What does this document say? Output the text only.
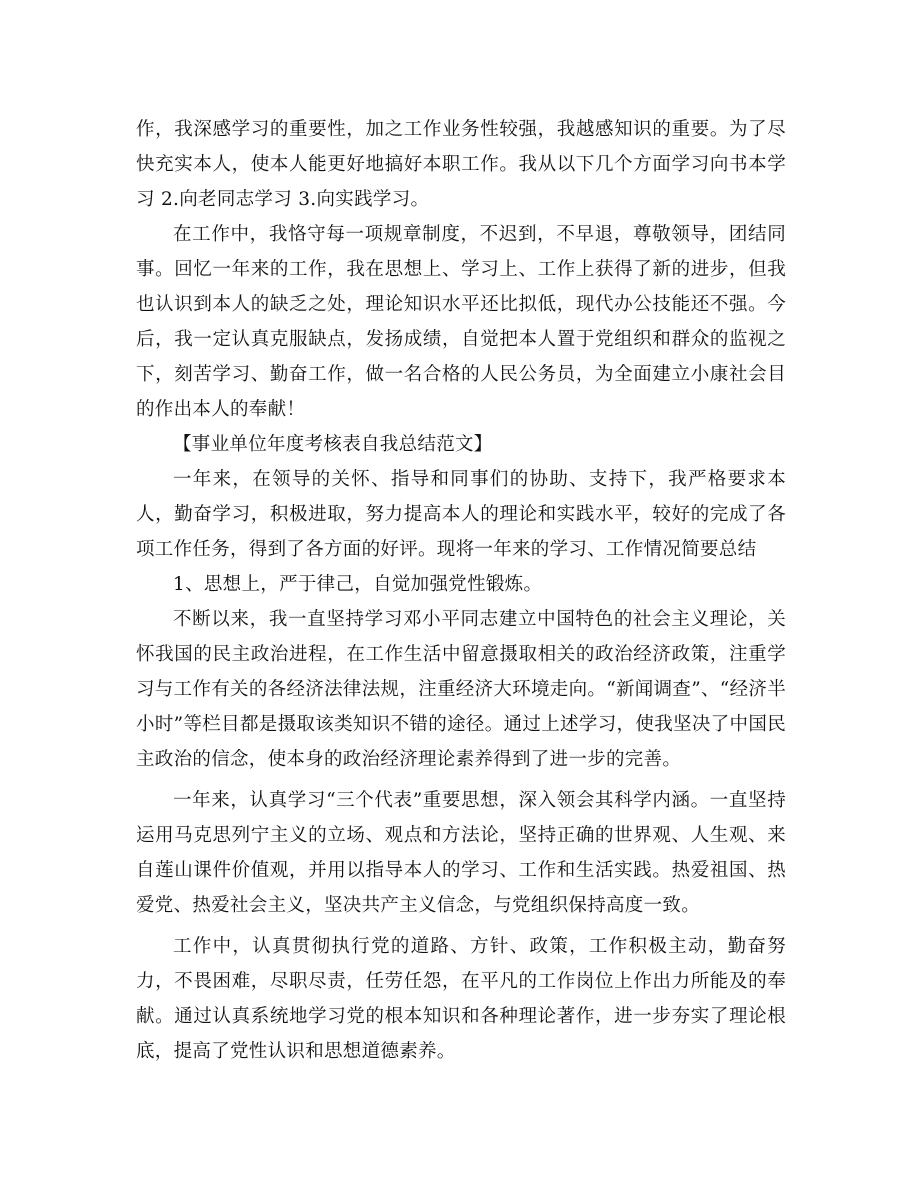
作，我深感学习的重要性，加之工作业务性较强，我越感知识的重要。为了尽快充实本人，使本人能更好地搞好本职工作。我从以下几个方面学习向书本学习 2.向老同志学习 3.向实践学习。

在工作中，我恪守每一项规章制度，不迟到，不早退，尊敬领导，团结同事。回忆一年来的工作，我在思想上、学习上、工作上获得了新的进步，但我也认识到本人的缺乏之处，理论知识水平还比拟低，现代办公技能还不强。今后，我一定认真克服缺点，发扬成绩，自觉把本人置于党组织和群众的监视之下，刻苦学习、勤奋工作，做一名合格的人民公务员，为全面建立小康社会目的作出本人的奉献！

【事业单位年度考核表自我总结范文】

一年来，在领导的关怀、指导和同事们的协助、支持下，我严格要求本人，勤奋学习，积极进取，努力提高本人的理论和实践水平，较好的完成了各项工作任务，得到了各方面的好评。现将一年来的学习、工作情况简要总结

1、思想上，严于律己，自觉加强党性锻炼。

不断以来，我一直坚持学习邓小平同志建立中国特色的社会主义理论，关怀我国的民主政治进程，在工作生活中留意摄取相关的政治经济政策，注重学习与工作有关的各经济法律法规，注重经济大环境走向。“新闻调查”、“经济半小时”等栏目都是摄取该类知识不错的途径。通过上述学习，使我坚决了中国民主政治的信念，使本身的政治经济理论素养得到了进一步的完善。

一年来，认真学习“三个代表”重要思想，深入领会其科学内涵。一直坚持运用马克思列宁主义的立场、观点和方法论，坚持正确的世界观、人生观、来自莲山课件价值观，并用以指导本人的学习、工作和生活实践。热爱祖国、热爱党、热爱社会主义，坚决共产主义信念，与党组织保持高度一致。

工作中，认真贯彻执行党的道路、方针、政策，工作积极主动，勤奋努力，不畏困难，尽职尽责，任劳任怨，在平凡的工作岗位上作出力所能及的奉献。通过认真系统地学习党的根本知识和各种理论著作，进一步夯实了理论根底，提高了党性认识和思想道德素养。
